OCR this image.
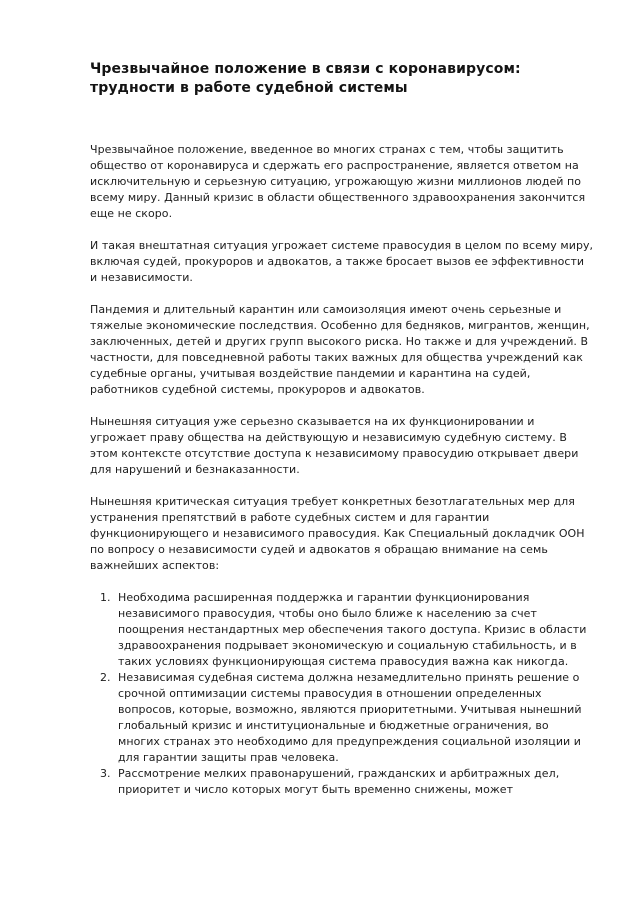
Чрезвычайное положение в связи с коронавирусом: трудности в работе судебной системы

Чрезвычайное положение, введенное во многих странах с тем, чтобы защитить общество от коронавируса и сдержать его распространение, является ответом на исключительную и серьезную ситуацию, угрожающую жизни миллионов людей по всему миру. Данный кризис в области общественного здравоохранения закончится еще не скоро.

И такая внештатная ситуация угрожает системе правосудия в целом по всему миру, включая судей, прокуроров и адвокатов, а также бросает вызов ее эффективности и независимости.

Пандемия и длительный карантин или самоизоляция имеют очень серьезные и тяжелые экономические последствия. Особенно для бедняков, мигрантов, женщин, заключенных, детей и других групп высокого риска. Но также и для учреждений. В частности, для повседневной работы таких важных для общества учреждений как судебные органы, учитывая воздействие пандемии и карантина на судей, работников судебной системы, прокуроров и адвокатов.

Нынешняя ситуация уже серьезно сказывается на их функционировании и угрожает праву общества на действующую и независимую судебную систему. В этом контексте отсутствие доступа к независимому правосудию открывает двери для нарушений и безнаказанности.

Нынешняя критическая ситуация требует конкретных безотлагательных мер для устранения препятствий в работе судебных систем и для гарантии функционирующего и независимого правосудия. Как Специальный докладчик ООН по вопросу о независимости судей и адвокатов я обращаю внимание на семь важнейших аспектов:

1. Необходима расширенная поддержка и гарантии функционирования независимого правосудия, чтобы оно было ближе к населению за счет поощрения нестандартных мер обеспечения такого доступа. Кризис в области здравоохранения подрывает экономическую и социальную стабильность, и в таких условиях функционирующая система правосудия важна как никогда.
2. Независимая судебная система должна незамедлительно принять решение о срочной оптимизации системы правосудия в отношении определенных вопросов, которые, возможно, являются приоритетными. Учитывая нынешний глобальный кризис и институциональные и бюджетные ограничения, во многих странах это необходимо для предупреждения социальной изоляции и для гарантии защиты прав человека.
3. Рассмотрение мелких правонарушений, гражданских и арбитражных дел, приоритет и число которых могут быть временно снижены, может
